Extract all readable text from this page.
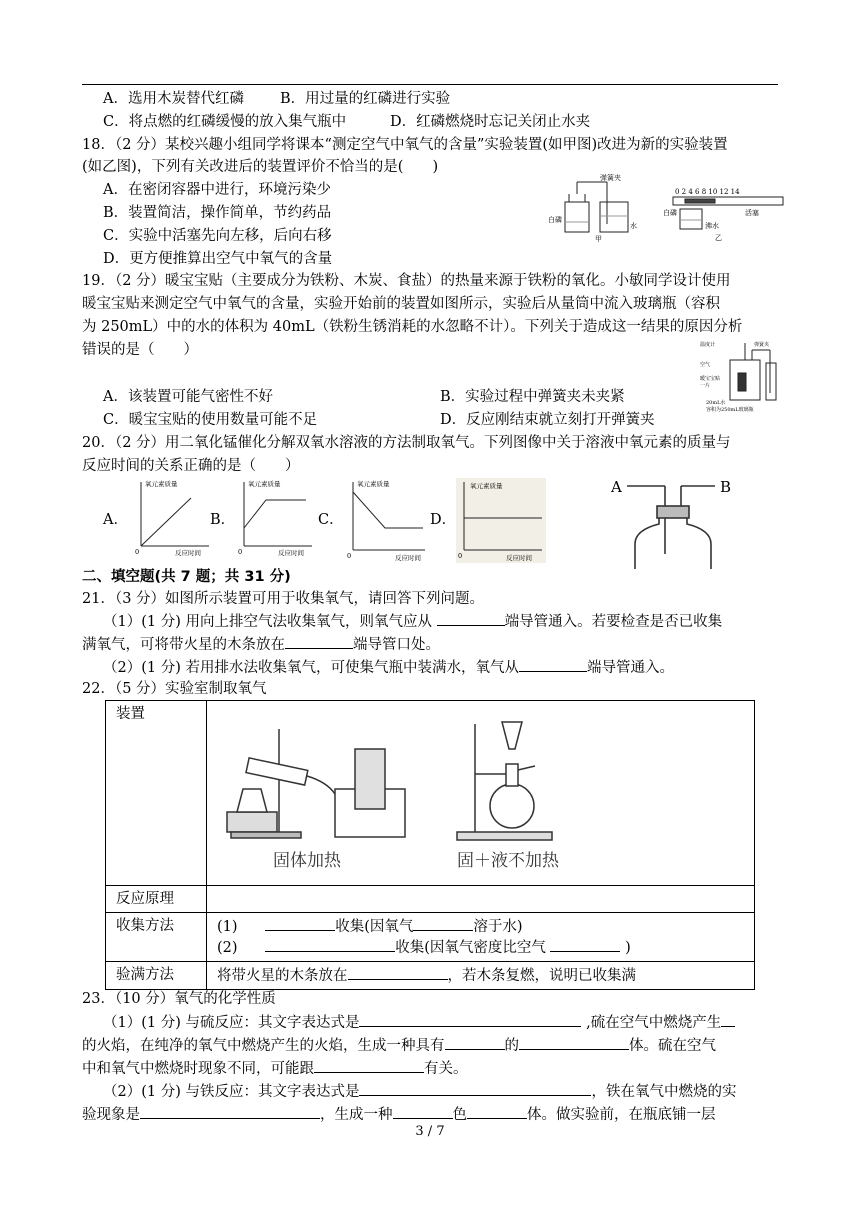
A．选用木炭替代红磷 B．用过量的红磷进行实验
C．将点燃的红磷缓慢的放入集气瓶中	D．红磷燃烧时忘记关闭止水夹
18．（2 分）某校兴趣小组同学将课本“测定空气中氧气的含量”实验装置(如甲图)改进为新的实验装置
(如乙图)，下列有关改进后的装置评价不恰当的是(　　)
A．在密闭容器中进行，环境污染少
B．装置简洁，操作简单，节约药品
C．实验中活塞先向左移，后向右移
D．更方便推算出空气中氧气的含量
弹簧夹
白磷
水
甲
0 2 4 6 8 10 12 14
白磷	活塞
沸水
乙
19．（2 分）暖宝宝贴（主要成分为铁粉、木炭、食盐）的热量来源于铁粉的氧化。小敏同学设计使用
暖宝宝贴来测定空气中氧气的含量，实验开始前的装置如图所示，实验后从量筒中流入玻璃瓶（容积
为 250mL）中的水的体积为 40mL（铁粉生锈消耗的水忽略不计）。下列关于造成这一结果的原因分析
错误的是（　　）
A．该装置可能气密性不好	B．实验过程中弹簧夹未夹紧
C．暖宝宝贴的使用数量可能不足	D．反应刚结束就立刻打开弹簧夹
温度计	弹簧夹
空气
暖宝宝贴
一片
20mL水
容积为250mL玻璃瓶
20．（2 分）用二氧化锰催化分解双氧水溶液的方法制取氧气。下列图像中关于溶液中氧元素的质量与
反应时间的关系正确的是（　　）
A．	B．	C．	D．
氧元素质量
反应时间
0
氧元素质量
反应时间
0
氧元素质量
反应时间
0
氧元素质量
反应时间
0
A	B
二、填空题(共 7 题；共 31 分)
21．（3 分）如图所示装置可用于收集氧气，请回答下列问题。
（1）(1 分) 用向上排空气法收集氧气，则氧气应从	端导管通入。若要检查是否已收集
满氧气，可将带火星的木条放在	端导管口处。
（2）(1 分) 若用排水法收集氧气，可使集气瓶中装满水，氧气从	端导管通入。
22．（5 分）实验室制取氧气
装置	固体加热 固＋液不加热

反应原理	
收集方法	(1) 收集(因氧气 溶于水)
(2) 收集(因氧气密度比空气 )

验满方法	将带火星的木条放在 ，若木条复燃，说明已收集满
23．（10 分）氧气的化学性质
（1）(1 分) 与硫反应：其文字表达式是	,硫在空气中燃烧产生
的火焰，在纯净的氧气中燃烧产生的火焰，生成一种具有	的	体。硫在空气
中和氧气中燃烧时现象不同，可能跟	有关。
（2）(1 分) 与铁反应：其文字表达式是	，铁在氧气中燃烧的实
验现象是	，生成一种	色	体。做实验前，在瓶底铺一层
3 / 7
